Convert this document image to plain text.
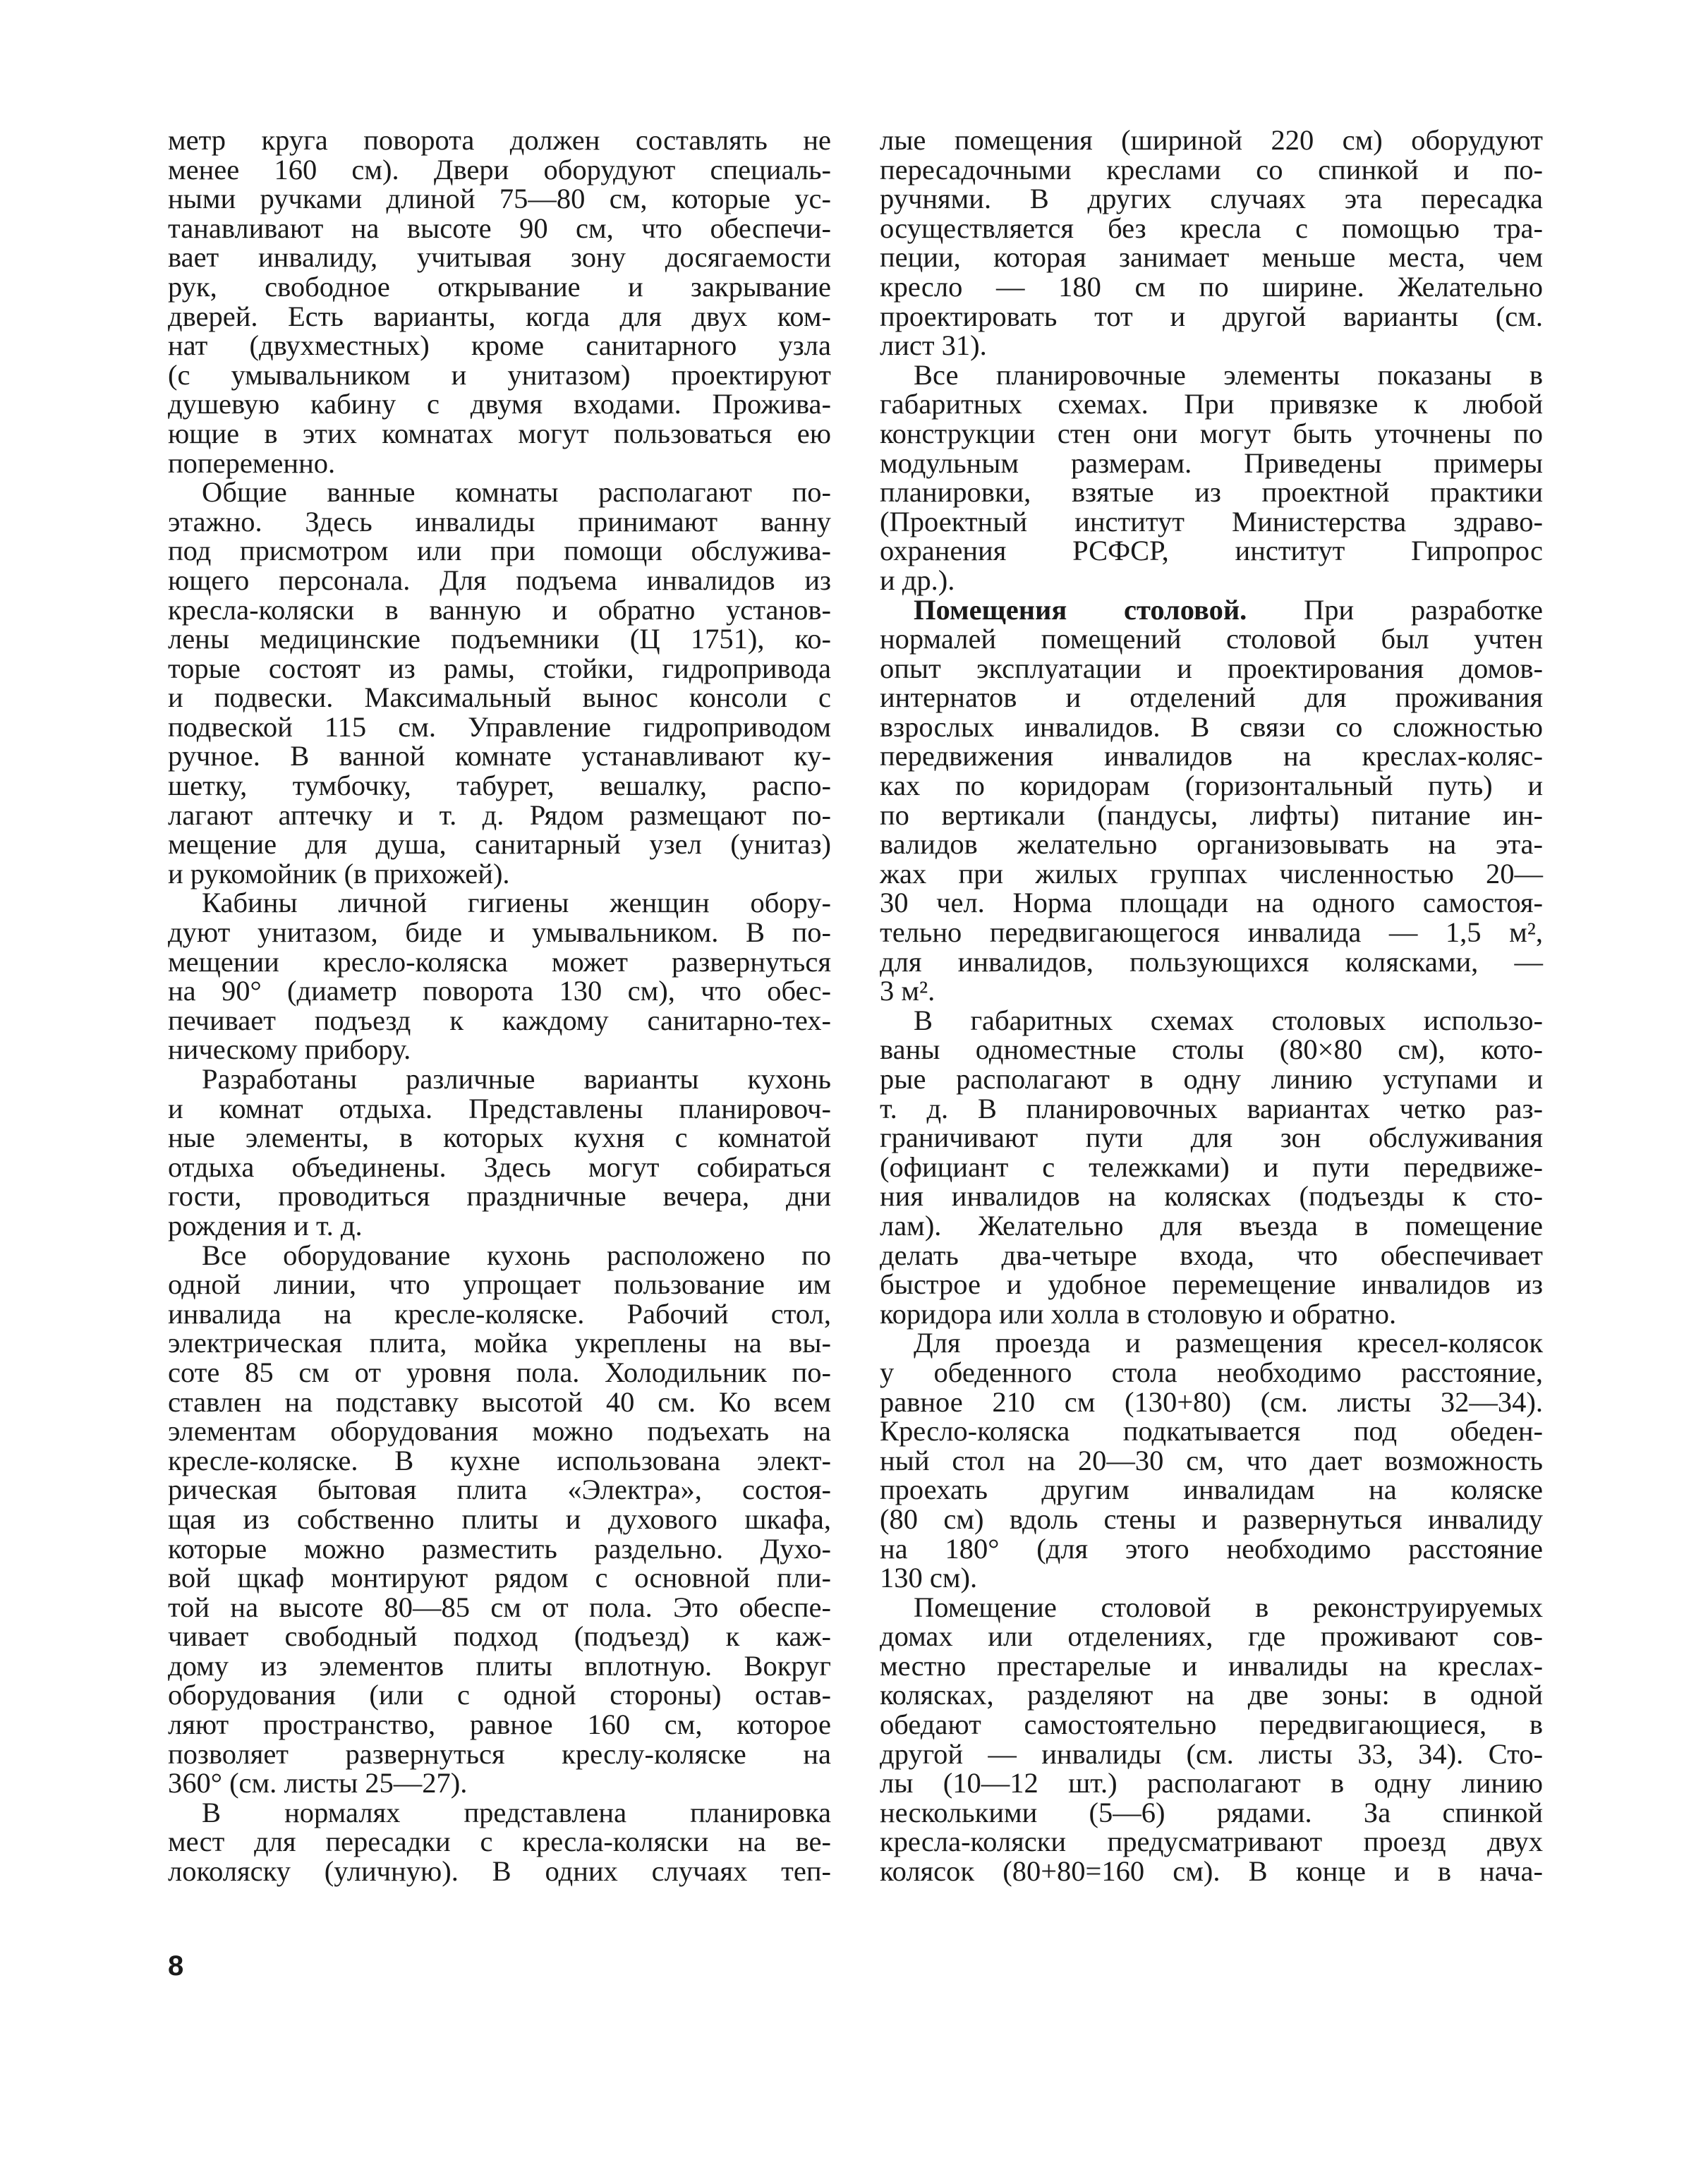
метр круга поворота должен составлять не
менее 160 см). Двери оборудуют специаль-
ными ручками длиной 75—80 см, которые ус-
танавливают на высоте 90 см, что обеспечи-
вает инвалиду, учитывая зону досягаемости
рук, свободное открывание и закрывание
дверей. Есть варианты, когда для двух ком-
нат (двухместных) кроме санитарного узла
(с умывальником и унитазом) проектируют
душевую кабину с двумя входами. Прожива-
ющие в этих комнатах могут пользоваться ею
попеременно.
Общие ванные комнаты располагают по-
этажно. Здесь инвалиды принимают ванну
под присмотром или при помощи обслужива-
ющего персонала. Для подъема инвалидов из
кресла-коляски в ванную и обратно установ-
лены медицинские подъемники (Ц 1751), ко-
торые состоят из рамы, стойки, гидропривода
и подвески. Максимальный вынос консоли с
подвеской 115 см. Управление гидроприводом
ручное. В ванной комнате устанавливают ку-
шетку, тумбочку, табурет, вешалку, распо-
лагают аптечку и т. д. Рядом размещают по-
мещение для душа, санитарный узел (унитаз)
и рукомойник (в прихожей).
Кабины личной гигиены женщин обору-
дуют унитазом, биде и умывальником. В по-
мещении кресло-коляска может развернуться
на 90° (диаметр поворота 130 см), что обес-
печивает подъезд к каждому санитарно-тех-
ническому прибору.
Разработаны различные варианты кухонь
и комнат отдыха. Представлены планировоч-
ные элементы, в которых кухня с комнатой
отдыха объединены. Здесь могут собираться
гости, проводиться праздничные вечера, дни
рождения и т. д.
Все оборудование кухонь расположено по
одной линии, что упрощает пользование им
инвалида на кресле-коляске. Рабочий стол,
электрическая плита, мойка укреплены на вы-
соте 85 см от уровня пола. Холодильник по-
ставлен на подставку высотой 40 см. Ко всем
элементам оборудования можно подъехать на
кресле-коляске. В кухне использована элект-
рическая бытовая плита «Электра», состоя-
щая из собственно плиты и духового шкафа,
которые можно разместить раздельно. Духо-
вой щкаф монтируют рядом с основной пли-
той на высоте 80—85 см от пола. Это обеспе-
чивает свободный подход (подъезд) к каж-
дому из элементов плиты вплотную. Вокруг
оборудования (или с одной стороны) остав-
ляют пространство, равное 160 см, которое
позволяет развернуться креслу-коляске на
360° (см. листы 25—27).
В нормалях представлена планировка
мест для пересадки с кресла-коляски на ве-
локоляску (уличную). В одних случаях теп-
лые помещения (шириной 220 см) оборудуют
пересадочными креслами со спинкой и по-
ручнями. В других случаях эта пересадка
осуществляется без кресла с помощью тра-
пеции, которая занимает меньше места, чем
кресло — 180 см по ширине. Желательно
проектировать тот и другой варианты (см.
лист 31).
Все планировочные элементы показаны в
габаритных схемах. При привязке к любой
конструкции стен они могут быть уточнены по
модульным размерам. Приведены примеры
планировки, взятые из проектной практики
(Проектный институт Министерства здраво-
охранения РСФСР, институт Гипропрос
и др.).
Помещения столовой. При разработке
нормалей помещений столовой был учтен
опыт эксплуатации и проектирования домов-
интернатов и отделений для проживания
взрослых инвалидов. В связи со сложностью
передвижения инвалидов на креслах-коляс-
ках по коридорам (горизонтальный путь) и
по вертикали (пандусы, лифты) питание ин-
валидов желательно организовывать на эта-
жах при жилых группах численностью 20—
30 чел. Норма площади на одного самостоя-
тельно передвигающегося инвалида — 1,5 м²,
для инвалидов, пользующихся колясками, —
3 м².
В габаритных схемах столовых использо-
ваны одноместные столы (80×80 см), кото-
рые располагают в одну линию уступами и
т. д. В планировочных вариантах четко раз-
граничивают пути для зон обслуживания
(официант с тележками) и пути передвиже-
ния инвалидов на колясках (подъезды к сто-
лам). Желательно для въезда в помещение
делать два-четыре входа, что обеспечивает
быстрое и удобное перемещение инвалидов из
коридора или холла в столовую и обратно.
Для проезда и размещения кресел-колясок
у обеденного стола необходимо расстояние,
равное 210 см (130+80) (см. листы 32—34).
Кресло-коляска подкатывается под обеден-
ный стол на 20—30 см, что дает возможность
проехать другим инвалидам на коляске
(80 см) вдоль стены и развернуться инвалиду
на 180° (для этого необходимо расстояние
130 см).
Помещение столовой в реконструируемых
домах или отделениях, где проживают сов-
местно престарелые и инвалиды на креслах-
колясках, разделяют на две зоны: в одной
обедают самостоятельно передвигающиеся, в
другой — инвалиды (см. листы 33, 34). Сто-
лы (10—12 шт.) располагают в одну линию
несколькими (5—6) рядами. За спинкой
кресла-коляски предусматривают проезд двух
колясок (80+80=160 см). В конце и в нача-
8
